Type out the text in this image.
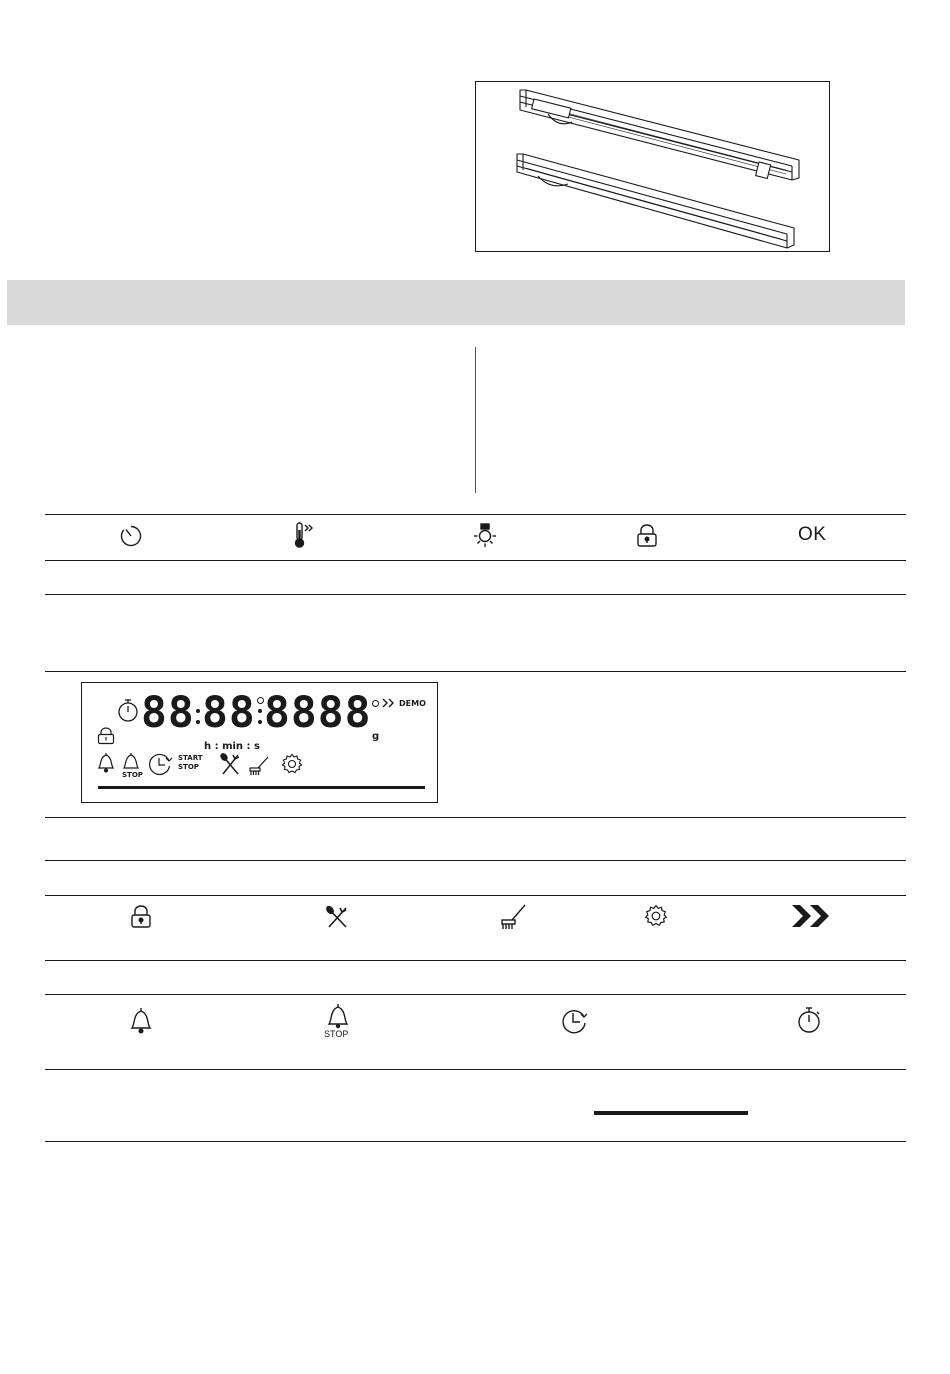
OK
88 88 8888	DEMO
g
h : min : s
STOP
START
STOP
STOP
